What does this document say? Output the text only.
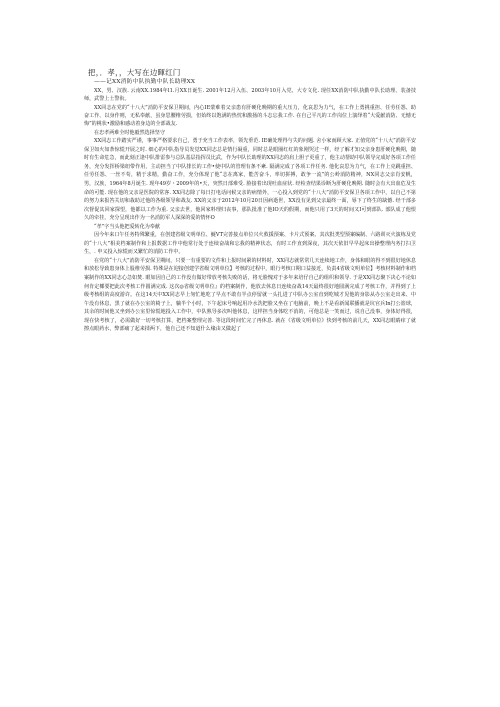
把，．孝，，大写在边暉红门
——记XX消防中队执勤中队长助理XX

XX，男、汉族. 云南XX.1984年l1.月XX日诞生. 2001年12月入伍、2003年10月入党、大专文化. 现任XX消防中队执勤中队长助理、装备技师，武警上士警衔。

XX同志在党的“十八大”消防平安保卫期间，内心IE蒙难着父亲患有肝硬化晚期的重大压力，化哀思为力气，在工作上勇挑重担、任劳任怨、助奋工作、以身作则，无私奉献，虽身思腰椎劳损，但始终以饱满的热忱和激扬的斗志忘我工作. 在自己平凡的工作岗位上演绎着“大爱献消防、无憾无悔”的桃状•激励和感动着身边的全部战友.

在忠孝两难全时他毅然选择坚守

XX同志工作踏实严谨，事事严格要求自己，勇于充当工作表率，领先垂范. IE确处理得与失的问题. 舍小家而顾大家. 正值党的“十八大”消防平安保卫如火如荼惊慌开展之时. 细心的中队指导员发觉XX同志总是情行凝重，同时总是眼圈红红的象刚哭过一样，经了解才知父亲身患肝硬化晚期，随时有生命危急，而此刻正逢中队排雷参与总队基层指挥员比武，作为中队长助理的XX同志的肩上胆子更重了，他主动帮助中队领导完成好各项工作任务，充分发挥桥梁纽带作用，主动担当了中队排长的工作•使中队的管理有条不紊. 隔满完成了各项工作任务. 他化哀思为力气，在工作上克跳重担、任劳任怨、一丝不苟，精于求精，勤奋工作，充分体现了他“志在离家，能苦奋斗，率切拼搏，敢争一流”的公岭消防精神，NX同志父亲肖安帆，男，汉族，1964年8月诞生. 现年49岁・2009年的•天，突然日部难受. 脸接着出现吐血症状. 经检查结果诊断为肝硬化晚期. 随时会有大出血危及生命的可能. 现在他的父亲是医院的常客. XX同志除了每日打电话问候父亲的病情外，一心投入到党的“十八大”消防平安保卫各项工作中，以自己不第的努力来报答关切和栽助过他的各级领导和战友. XX的父亲于2012年10月20日因病逝世，XX没有见到父亲最终一面，辱下了终生的缺憾. 经干部多次督促其回家探望，他都以工作为重. 父亲去世，他回家料理归丧事，那队批准了他IO天的假期，而他只用了3天的时间又I可到部队. 部队成了他恨久的牵挂，充分呈现出作为一名消防军人深深的爱的情怀O

“孝”字当头他把爱转化为奉献

因今年来口午任务特殊繁重，在创建省级文明单位、鱁VT完善接点单位兴火救援预案、卡片式预案、其次批类型预案编制、六路训灭火演练及党的“十八大”相美档案制作和上报数据工作中他常行处于连续奋战和忘我的精神状态，有时工作直到深夜，其次天依旧早早起床出操整理内务打扫卫生，. 申义投入惊慌而又繁忙的消防工作中。

在党的“十八大”消防平安保卫期间，只要一有重要的文件和上报时间紧的材料时，XX同志就常常几天连续地工作，身体和眼的得不到很好地休息和放松导致患身体上股椎劳损. 特殊是在迎接创建学省级文明单位】考核的过程中，眼行考核口期口益接近，负责4省级文明单位】考核材料制作和档案制作的XX同志心急如焚. 眼如因自己的工作没有做好带放考核失败的话，将无脸愧对于多年来培仔自己的组织和领导. 于是XX同志聚下决心不论如何肯定椰要把此次考核工作圆满完成. 这次◎省级文明单位』的档案制作，他放去休息日连续奋战14天最终很好地圆满完成了考核工作，并得到了上级考核组的高度游许。在这14天中XX同志早上匆忙地吃了早点不敢有半点停留就一头扎进了中队办公室直到吃城才见他的身影从办公室走出来、中午没有休息，黑了就在办公室的椅子上，躺半个小时，下午起床号响起用冷水洗把脸又坐在了电脑前，晚上不是看新闻联播就是坑官兵In打公篮球，其余的时间他又坐到办公室里惊慌地投入工作中，中队熟导多次叫他休息，这样担当身体吃不消的，可他总是一笑而过，说自己没事，身体好得很，现在快考核了，必需做好一切考核打算，把档案整理完善. 等这段时间忙完了再休息. 就在《省级文明单位》快到考核的前几天，XX同志眼睛痒了就擦点眼药水，弊部痛了起来揉两下，他自己还不知道什么缘由又做起了
